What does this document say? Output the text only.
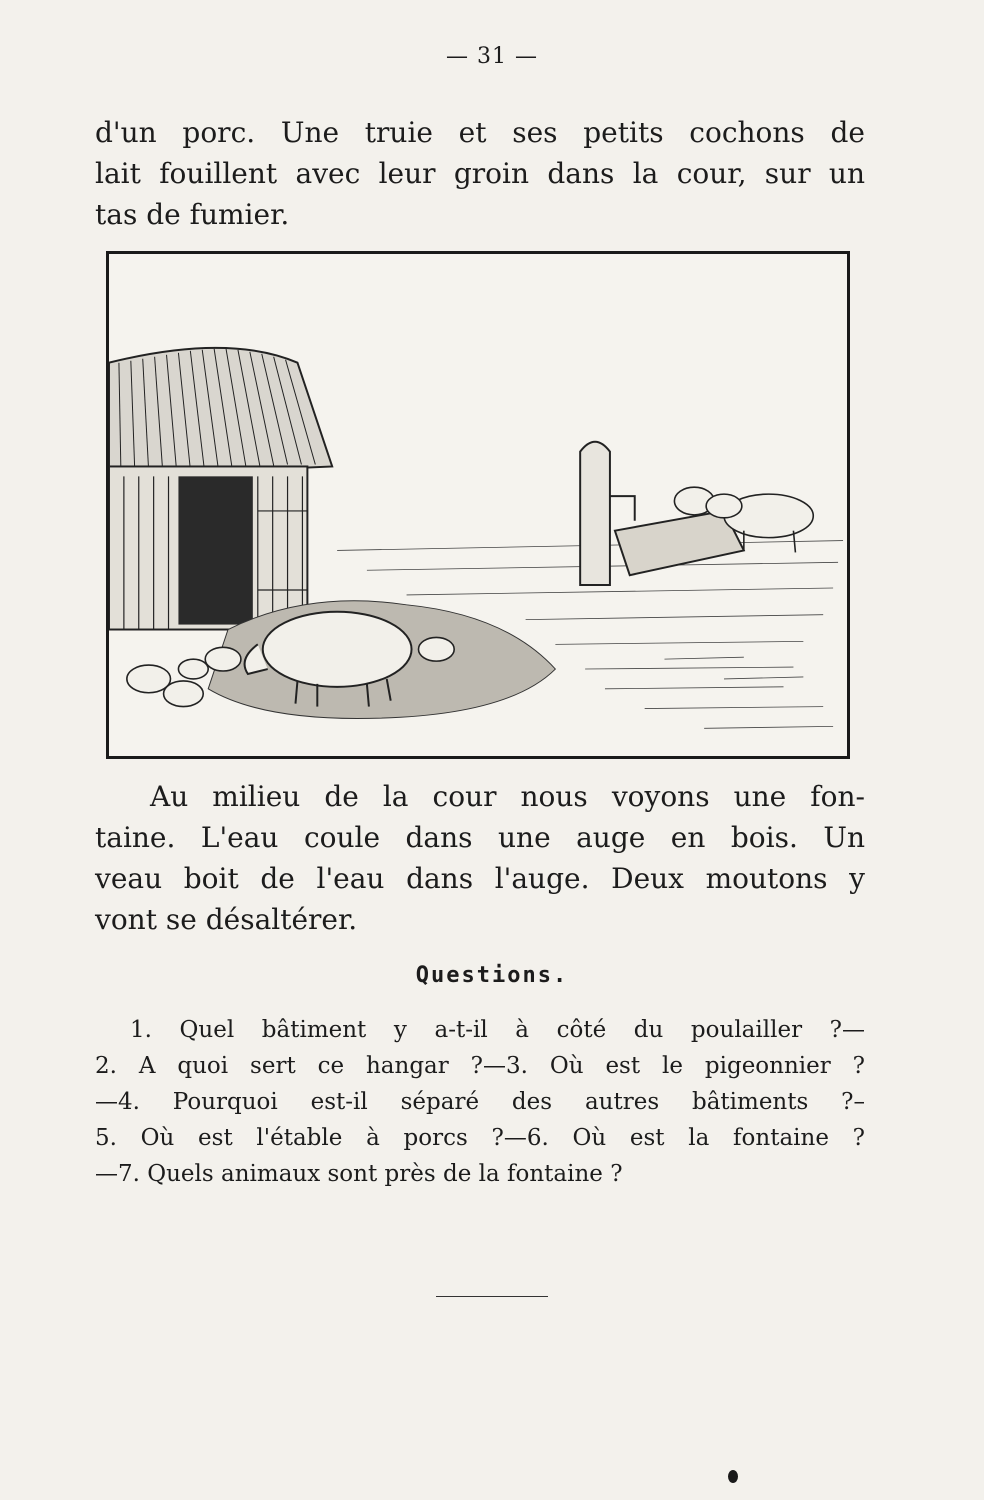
— 31 —
d'un porc. Une truie et ses petits cochons de
lait fouillent avec leur groin dans la cour, sur un
tas de fumier.
Au milieu de la cour nous voyons une fon-
taine. L'eau coule dans une auge en bois. Un
veau boit de l'eau dans l'auge. Deux moutons y
vont se désaltérer.
Questions.
1. Quel bâtiment y a-t-il à côté du poulailler ?—
2. A quoi sert ce hangar ?—3. Où est le pigeonnier ?
—4. Pourquoi est-il séparé des autres bâtiments ?–
5. Où est l'étable à porcs ?—6. Où est la fontaine ?
—7. Quels animaux sont près de la fontaine ?
